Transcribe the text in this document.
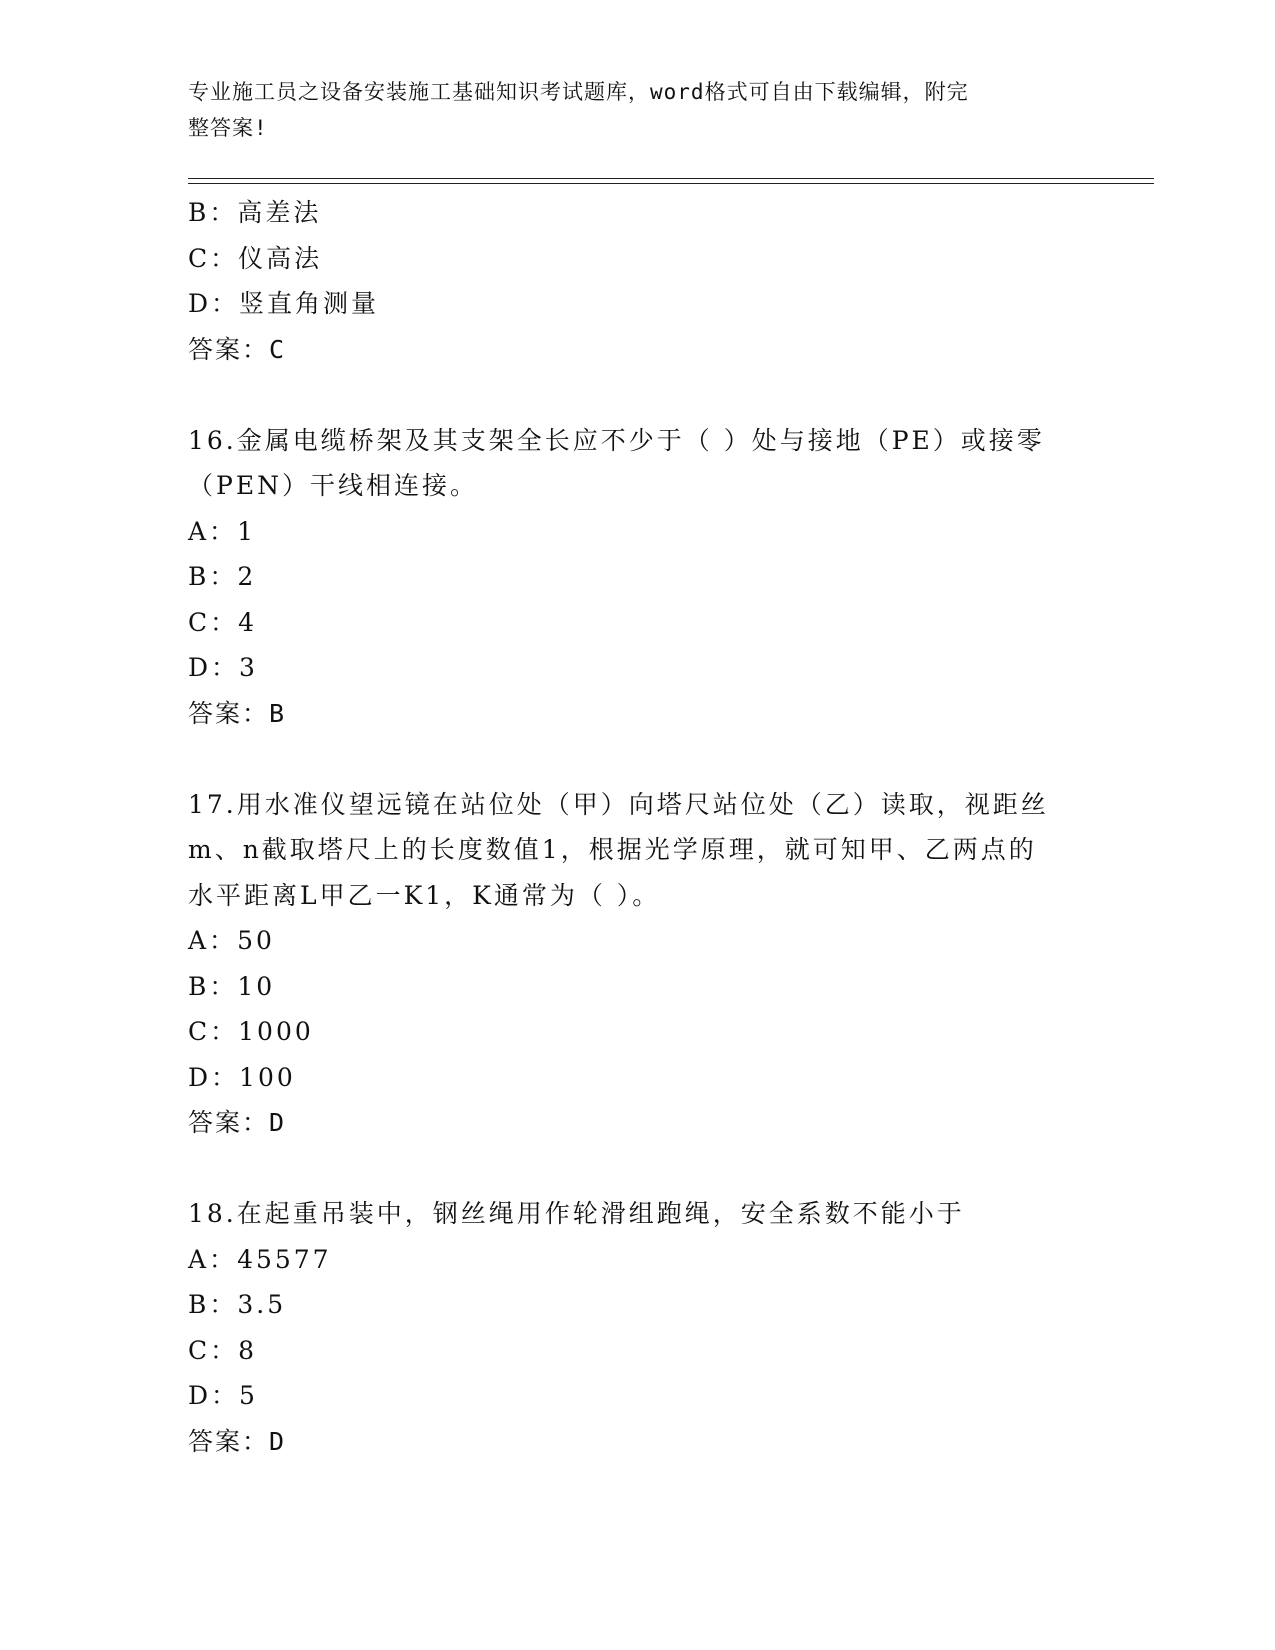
专业施工员之设备安装施工基础知识考试题库，word格式可自由下载编辑，附完
整答案!
B：高差法
C：仪高法
D：竖直角测量
答案：C
16.金属电缆桥架及其支架全长应不少于（ ）处与接地（PE）或接零
（PEN）干线相连接。
A：1
B：2
C：4
D：3
答案：B
17.用水准仪望远镜在站位处（甲）向塔尺站位处（乙）读取，视距丝
m、n截取塔尺上的长度数值1，根据光学原理，就可知甲、乙两点的
水平距离L甲乙一K1，K通常为（ ）。
A：50
B：10
C：1000
D：100
答案：D
18.在起重吊装中，钢丝绳用作轮滑组跑绳，安全系数不能小于
A：45577
B：3.5
C：8
D：5
答案：D
